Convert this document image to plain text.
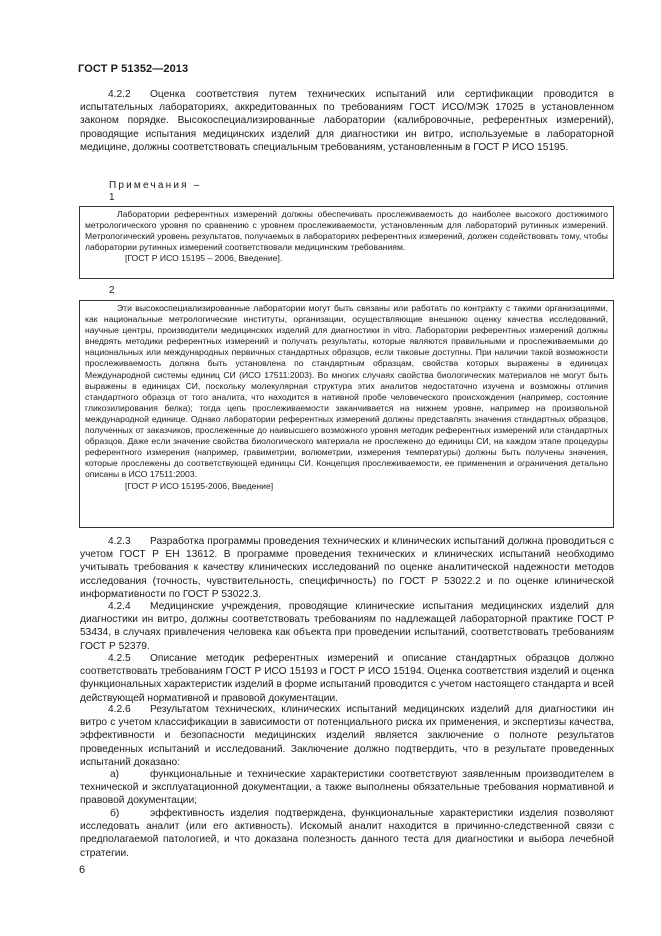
ГОСТ Р 51352—2013

4.2.2 Оценка соответствия путем технических испытаний или сертификации проводится в испытательных лабораториях, аккредитованных по требованиям ГОСТ ИСО/МЭК 17025 в установленном законом порядке. Высокоспециализированные лаборатории (калибровочные, референтных измерений), проводящие испытания медицинских изделий для диагностики ин витро, используемые в лабораторной медицине, должны соответствовать специальным требованиям, установленным в ГОСТ Р ИСО 15195.

Примечания –
1

Лаборатории референтных измерений должны обеспечивать прослеживаемость до наиболее высокого достижимого метрологического уровня по сравнению с уровнем прослеживаемости, установленным для лабораторий рутинных измерений. Метрологический уровень результатов, получаемых в лабораториях референтных измерений, должен содействовать тому, чтобы лаборатории рутинных измерений соответствовали медицинским требованиям.

[ГОСТ Р ИСО 15195 – 2006, Введение].

2

Эти высокоспециализированные лаборатории могут быть связаны или работать по контракту с такими организациями, как национальные метрологические институты, организации, осуществляющие внешнюю оценку качества исследований, научные центры, производители медицинских изделий для диагностики in vitro. Лаборатории референтных измерений должны внедрять методики референтных измерений и получать результаты, которые являются правильными и прослеживаемыми до национальных или международных первичных стандартных образцов, если таковые доступны. При наличии такой возможности прослеживаемость должна быть установлена по стандартным образцам, свойства которых выражены в единицах Международной системы единиц СИ (ИСО 17511:2003). Во многих случаях свойства биологических материалов не могут быть выражены в единицах СИ, поскольку молекулярная структура этих аналитов недостаточно изучена и возможны отличия стандартного образца от того аналита, что находится в нативной пробе человеческого происхождения (например, состояние гликозилирования белка); тогда цепь прослеживаемости заканчивается на нижнем уровне, например на произвольной международной единице. Однако лаборатории референтных измерений должны представлять значения стандартных образцов, полученных от заказчиков, прослеженные до наивысшего возможного уровня методик референтных измерений или стандартных образцов. Даже если значение свойства биологического материала не прослежено до единицы СИ, на каждом этапе процедуры референтного измерения (например, гравиметрии, волюметрии, измерения температуры) должны быть получены значения, которые прослежены до соответствующей единицы СИ. Концепция прослеживаемости, ее применения и ограничения детально описаны в ИСО 17511:2003.

[ГОСТ Р ИСО 15195-2006, Введение]

4.2.3 Разработка программы проведения технических и клинических испытаний должна проводиться с учетом ГОСТ Р ЕН 13612. В программе проведения технических и клинических испытаний необходимо учитывать требования к качеству клинических исследований по оценке аналитической надежности методов исследования (точность, чувствительность, специфичность) по ГОСТ Р 53022.2 и по оценке клинической информативности по ГОСТ Р 53022.3.

4.2.4 Медицинские учреждения, проводящие клинические испытания медицинских изделий для диагностики ин витро, должны соответствовать требованиям по надлежащей лабораторной практике ГОСТ Р 53434, в случаях привлечения человека как объекта при проведении испытаний, соответствовать требованиям ГОСТ Р 52379.

4.2.5 Описание методик референтных измерений и описание стандартных образцов должно соответствовать требованиям ГОСТ Р ИСО 15193 и ГОСТ Р ИСО 15194. Оценка соответствия изделий и оценка функциональных характеристик изделий в форме испытаний проводится с учетом настоящего стандарта и всей действующей нормативной и правовой документации.

4.2.6 Результатом технических, клинических испытаний медицинских изделий для диагностики ин витро с учетом классификации в зависимости от потенциального риска их применения, и экспертизы качества, эффективности и безопасности медицинских изделий является заключение о полноте результатов проведенных испытаний и исследований. Заключение должно подтвердить, что в результате проведенных испытаний доказано:

а)	функциональные и технические характеристики соответствуют заявленным производителем в технической и эксплуатационной документации, а также выполнены обязательные требования нормативной и правовой документации;

б)	эффективность изделия подтверждена, функциональные характеристики изделия позволяют исследовать аналит (или его активность). Искомый аналит находится в причинно-следственной связи с предполагаемой патологией, и что доказана полезность данного теста для диагностики и выбора лечебной стратегии.

6
